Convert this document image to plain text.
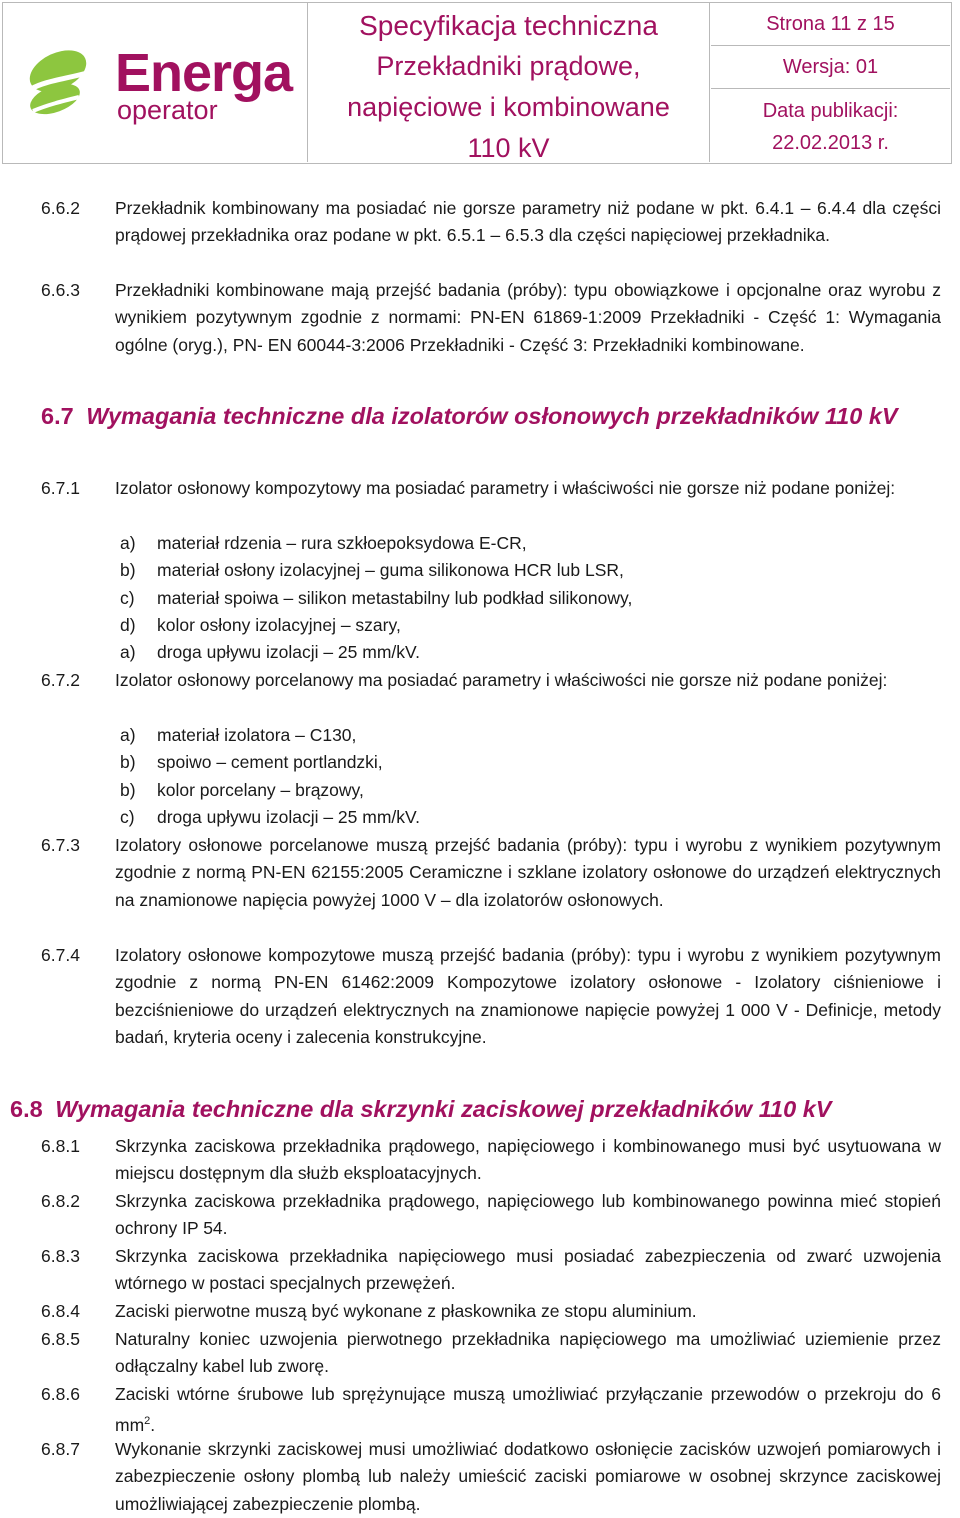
Energa
operator
Specyfikacja techniczna
Przekładniki prądowe,
napięciowe i kombinowane
110 kV
Strona 11 z 15
Wersja: 01
Data publikacji:
22.02.2013 r.
6.6.2 Przekładnik kombinowany ma posiadać nie gorsze parametry niż podane w pkt. 6.4.1 – 6.4.4 dla części prądowej przekładnika oraz podane w pkt. 6.5.1 – 6.5.3 dla części napięciowej przekładnika.
6.6.3 Przekładniki kombinowane mają przejść badania (próby): typu obowiązkowe i opcjonalne oraz wyrobu z wynikiem pozytywnym zgodnie z normami: PN-EN 61869-1:2009 Przekładniki - Część 1: Wymagania ogólne (oryg.), PN- EN 60044-3:2006 Przekładniki - Część 3: Przekładniki kombinowane.
6.7 Wymagania techniczne dla izolatorów osłonowych przekładników 110 kV
6.7.1 Izolator osłonowy kompozytowy ma posiadać parametry i właściwości nie gorsze niż podane poniżej:
a) materiał rdzenia – rura szkłoepoksydowa E-CR,
b) materiał osłony izolacyjnej – guma silikonowa HCR lub LSR,
c) materiał spoiwa – silikon metastabilny lub podkład silikonowy,
d) kolor osłony izolacyjnej – szary,
a) droga upływu izolacji – 25 mm/kV.
6.7.2 Izolator osłonowy porcelanowy ma posiadać parametry i właściwości nie gorsze niż podane poniżej:
a) materiał izolatora – C130,
b) spoiwo – cement portlandzki,
b) kolor porcelany – brązowy,
c) droga upływu izolacji – 25 mm/kV.
6.7.3 Izolatory osłonowe porcelanowe muszą przejść badania (próby): typu i wyrobu z wynikiem pozytywnym zgodnie z normą PN-EN 62155:2005 Ceramiczne i szklane izolatory osłonowe do urządzeń elektrycznych na znamionowe napięcia powyżej 1000 V – dla izolatorów osłonowych.
6.7.4 Izolatory osłonowe kompozytowe muszą przejść badania (próby): typu i wyrobu z wynikiem pozytywnym zgodnie z normą PN-EN 61462:2009 Kompozytowe izolatory osłonowe - Izolatory ciśnieniowe i bezciśnieniowe do urządzeń elektrycznych na znamionowe napięcie powyżej 1 000 V - Definicje, metody badań, kryteria oceny i zalecenia konstrukcyjne.
6.8 Wymagania techniczne dla skrzynki zaciskowej przekładników 110 kV
6.8.1 Skrzynka zaciskowa przekładnika prądowego, napięciowego i kombinowanego musi być usytuowana w miejscu dostępnym dla służb eksploatacyjnych.
6.8.2 Skrzynka zaciskowa przekładnika prądowego, napięciowego lub kombinowanego powinna mieć stopień ochrony IP 54.
6.8.3 Skrzynka zaciskowa przekładnika napięciowego musi posiadać zabezpieczenia od zwarć uzwojenia wtórnego w postaci specjalnych przewężeń.
6.8.4 Zaciski pierwotne muszą być wykonane z płaskownika ze stopu aluminium.
6.8.5 Naturalny koniec uzwojenia pierwotnego przekładnika napięciowego ma umożliwiać uziemienie przez odłączalny kabel lub zworę.
6.8.6 Zaciski wtórne śrubowe lub sprężynujące muszą umożliwiać przyłączanie przewodów o przekroju do 6 $mm^2$.
6.8.7 Wykonanie skrzynki zaciskowej musi umożliwiać dodatkowo osłonięcie zacisków uzwojeń pomiarowych i zabezpieczenie osłony plombą lub należy umieścić zaciski pomiarowe w osobnej skrzynce zaciskowej umożliwiającej zabezpieczenie plombą.
